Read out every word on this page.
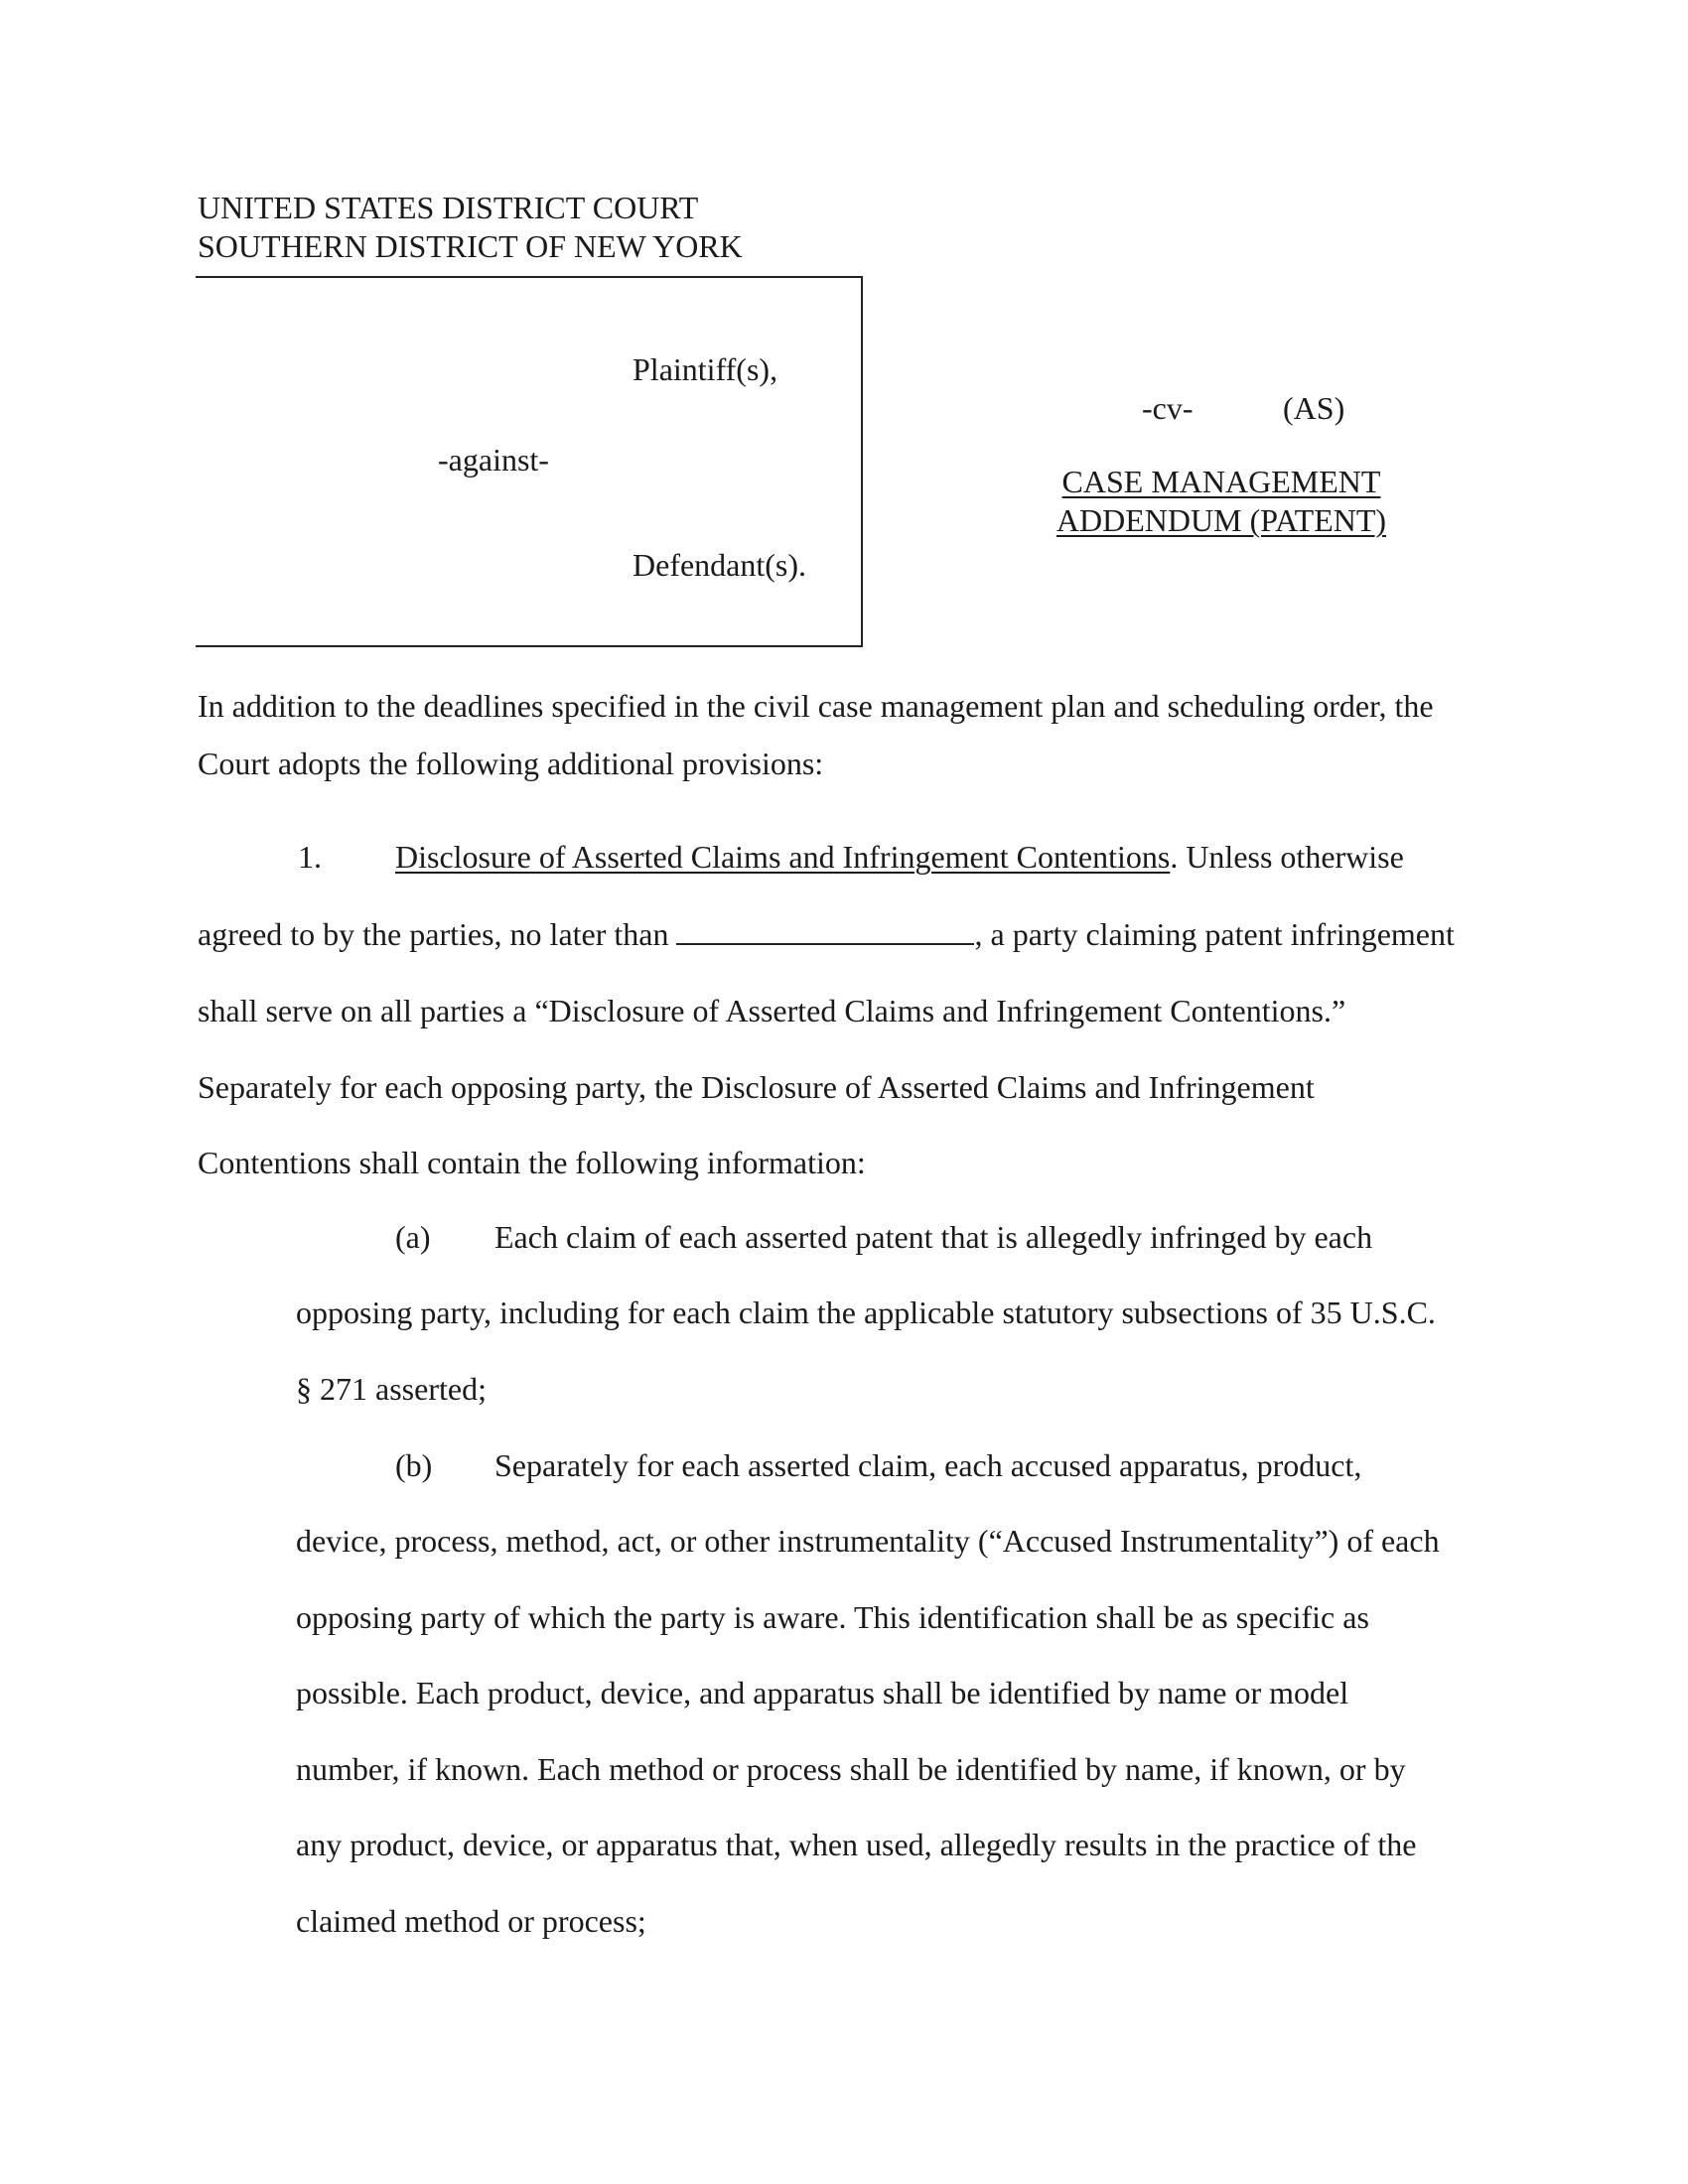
UNITED STATES DISTRICT COURT
SOUTHERN DISTRICT OF NEW YORK
Plaintiff(s),
-against-
Defendant(s).
-cv-	(AS)
CASE MANAGEMENT
ADDENDUM (PATENT)
In addition to the deadlines specified in the civil case management plan and scheduling order, the
Court adopts the following additional provisions:
1. Disclosure of Asserted Claims and Infringement Contentions. Unless otherwise
agreed to by the parties, no later than	, a party claiming patent infringement
shall serve on all parties a “Disclosure of Asserted Claims and Infringement Contentions.”
Separately for each opposing party, the Disclosure of Asserted Claims and Infringement
Contentions shall contain the following information:
(a) Each claim of each asserted patent that is allegedly infringed by each
opposing party, including for each claim the applicable statutory subsections of 35 U.S.C.
§ 271 asserted;
(b) Separately for each asserted claim, each accused apparatus, product,
device, process, method, act, or other instrumentality (“Accused Instrumentality”) of each
opposing party of which the party is aware. This identification shall be as specific as
possible. Each product, device, and apparatus shall be identified by name or model
number, if known. Each method or process shall be identified by name, if known, or by
any product, device, or apparatus that, when used, allegedly results in the practice of the
claimed method or process;
